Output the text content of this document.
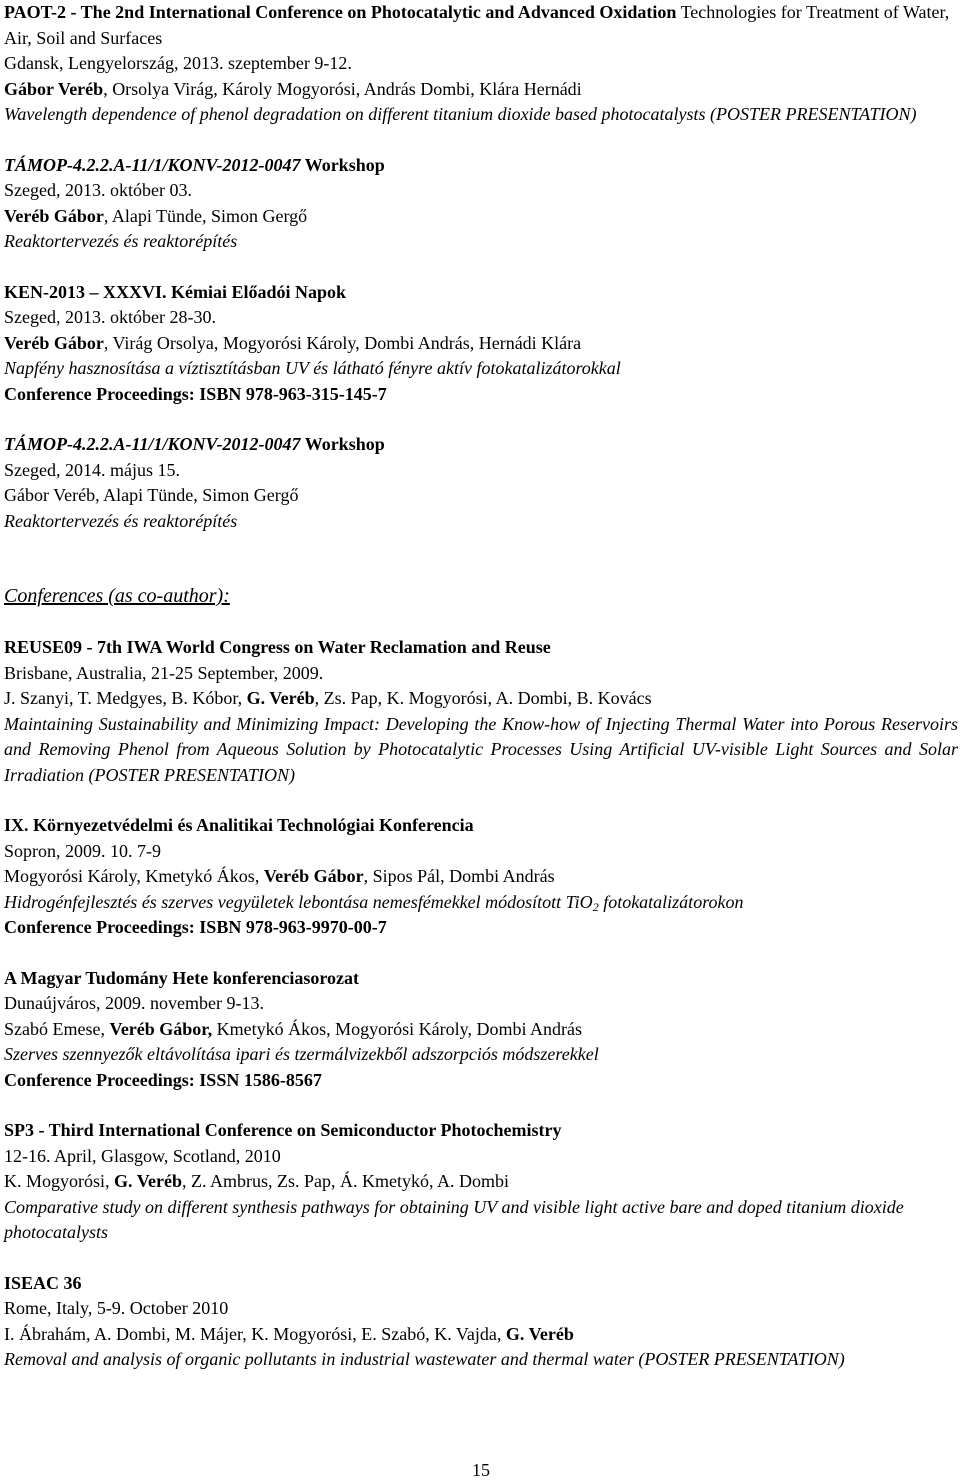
PAOT-2 - The 2nd International Conference on Photocatalytic and Advanced Oxidation Technologies for Treatment of Water, Air, Soil and Surfaces

Gdansk, Lengyelország, 2013. szeptember 9-12.

Gábor Veréb, Orsolya Virág, Károly Mogyorósi, András Dombi, Klára Hernádi

Wavelength dependence of phenol degradation on different titanium dioxide based photocatalysts (POSTER PRESENTATION)

TÁMOP-4.2.2.A-11/1/KONV-2012-0047 Workshop

Szeged, 2013. október 03.

Veréb Gábor, Alapi Tünde, Simon Gergő

Reaktortervezés és reaktorépítés

KEN-2013 – XXXVI. Kémiai Előadói Napok

Szeged, 2013. október 28-30.

Veréb Gábor, Virág Orsolya, Mogyorósi Károly, Dombi András, Hernádi Klára

Napfény hasznosítása a víztisztításban UV és látható fényre aktív fotokatalizátorokkal

Conference Proceedings: ISBN 978-963-315-145-7

TÁMOP-4.2.2.A-11/1/KONV-2012-0047 Workshop

Szeged, 2014. május 15.

Gábor Veréb, Alapi Tünde, Simon Gergő

Reaktortervezés és reaktorépítés

Conferences (as co-author):

REUSE09 - 7th IWA World Congress on Water Reclamation and Reuse

Brisbane, Australia, 21-25 September, 2009.

J. Szanyi, T. Medgyes, B. Kóbor, G. Veréb, Zs. Pap, K. Mogyorósi, A. Dombi, B. Kovács

Maintaining Sustainability and Minimizing Impact: Developing the Know-how of Injecting Thermal Water into Porous Reservoirs and Removing Phenol from Aqueous Solution by Photocatalytic Processes Using Artificial UV-visible Light Sources and Solar Irradiation (POSTER PRESENTATION)

IX. Környezetvédelmi és Analitikai Technológiai Konferencia

Sopron, 2009. 10. 7-9

Mogyorósi Károly, Kmetykó Ákos, Veréb Gábor, Sipos Pál, Dombi András

Hidrogénfejlesztés és szerves vegyületek lebontása nemesfémekkel módosított TiO$_2$ fotokatalizátorokon

Conference Proceedings: ISBN 978-963-9970-00-7

A Magyar Tudomány Hete konferenciasorozat

Dunaújváros, 2009. november 9-13.

Szabó Emese, Veréb Gábor, Kmetykó Ákos, Mogyorósi Károly, Dombi András

Szerves szennyezők eltávolítása ipari és tzermálvizekből adszorpciós módszerekkel

Conference Proceedings: ISSN 1586-8567

SP3 - Third International Conference on Semiconductor Photochemistry

12-16. April, Glasgow, Scotland, 2010

K. Mogyorósi, G. Veréb, Z. Ambrus, Zs. Pap, Á. Kmetykó, A. Dombi

Comparative study on different synthesis pathways for obtaining UV and visible light active bare and doped titanium dioxide photocatalysts

ISEAC 36

Rome, Italy, 5-9. October 2010

I. Ábrahám, A. Dombi, M. Májer, K. Mogyorósi, E. Szabó, K. Vajda, G. Veréb

Removal and analysis of organic pollutants in industrial wastewater and thermal water (POSTER PRESENTATION)

15
